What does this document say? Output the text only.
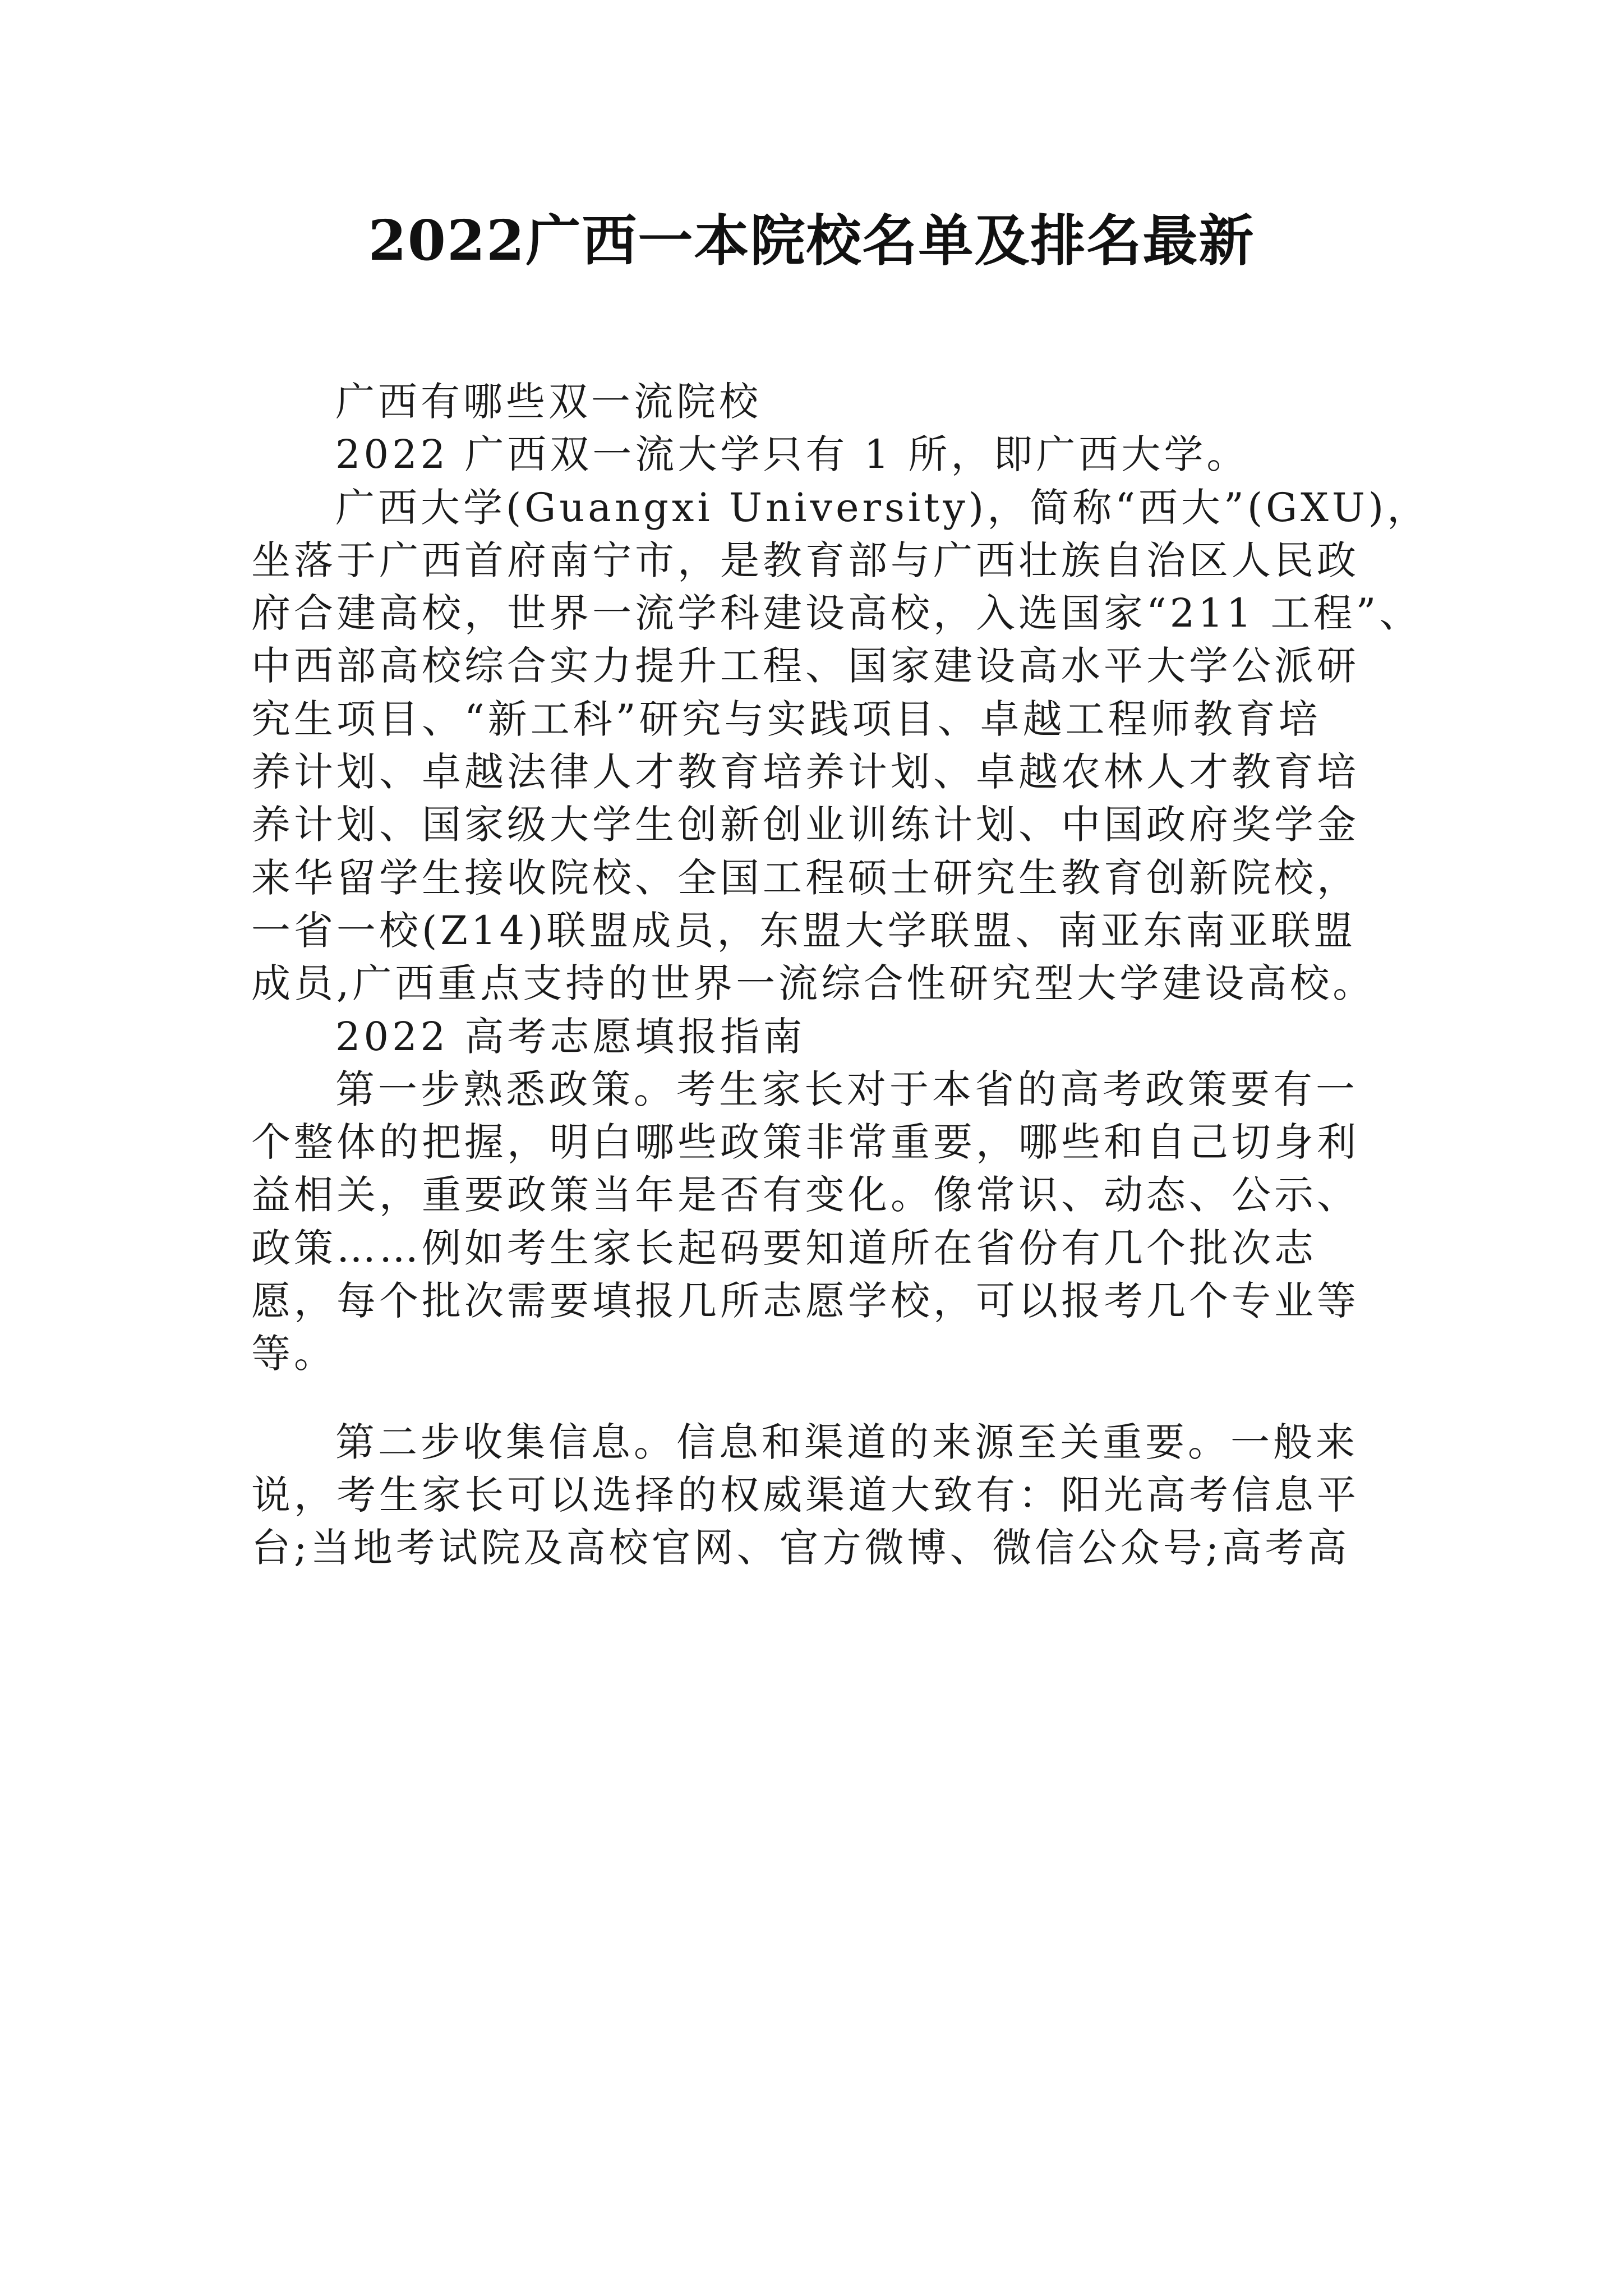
2022广西一本院校名单及排名最新
广西有哪些双一流院校
2022 广西双一流大学只有 1 所，即广西大学。
广西大学(Guangxi University)，简称“西大”(GXU)，
坐落于广西首府南宁市，是教育部与广西壮族自治区人民政
府合建高校，世界一流学科建设高校，入选国家“211 工程”、
中西部高校综合实力提升工程、国家建设高水平大学公派研
究生项目、“新工科”研究与实践项目、卓越工程师教育培
养计划、卓越法律人才教育培养计划、卓越农林人才教育培
养计划、国家级大学生创新创业训练计划、中国政府奖学金
来华留学生接收院校、全国工程硕士研究生教育创新院校，
一省一校(Z14)联盟成员，东盟大学联盟、南亚东南亚联盟
成员,广西重点支持的世界一流综合性研究型大学建设高校。
2022 高考志愿填报指南
第一步熟悉政策。考生家长对于本省的高考政策要有一
个整体的把握，明白哪些政策非常重要，哪些和自己切身利
益相关，重要政策当年是否有变化。像常识、动态、公示、
政策……例如考生家长起码要知道所在省份有几个批次志
愿，每个批次需要填报几所志愿学校，可以报考几个专业等
等。
第二步收集信息。信息和渠道的来源至关重要。一般来
说，考生家长可以选择的权威渠道大致有：阳光高考信息平
台;当地考试院及高校官网、官方微博、微信公众号;高考高
